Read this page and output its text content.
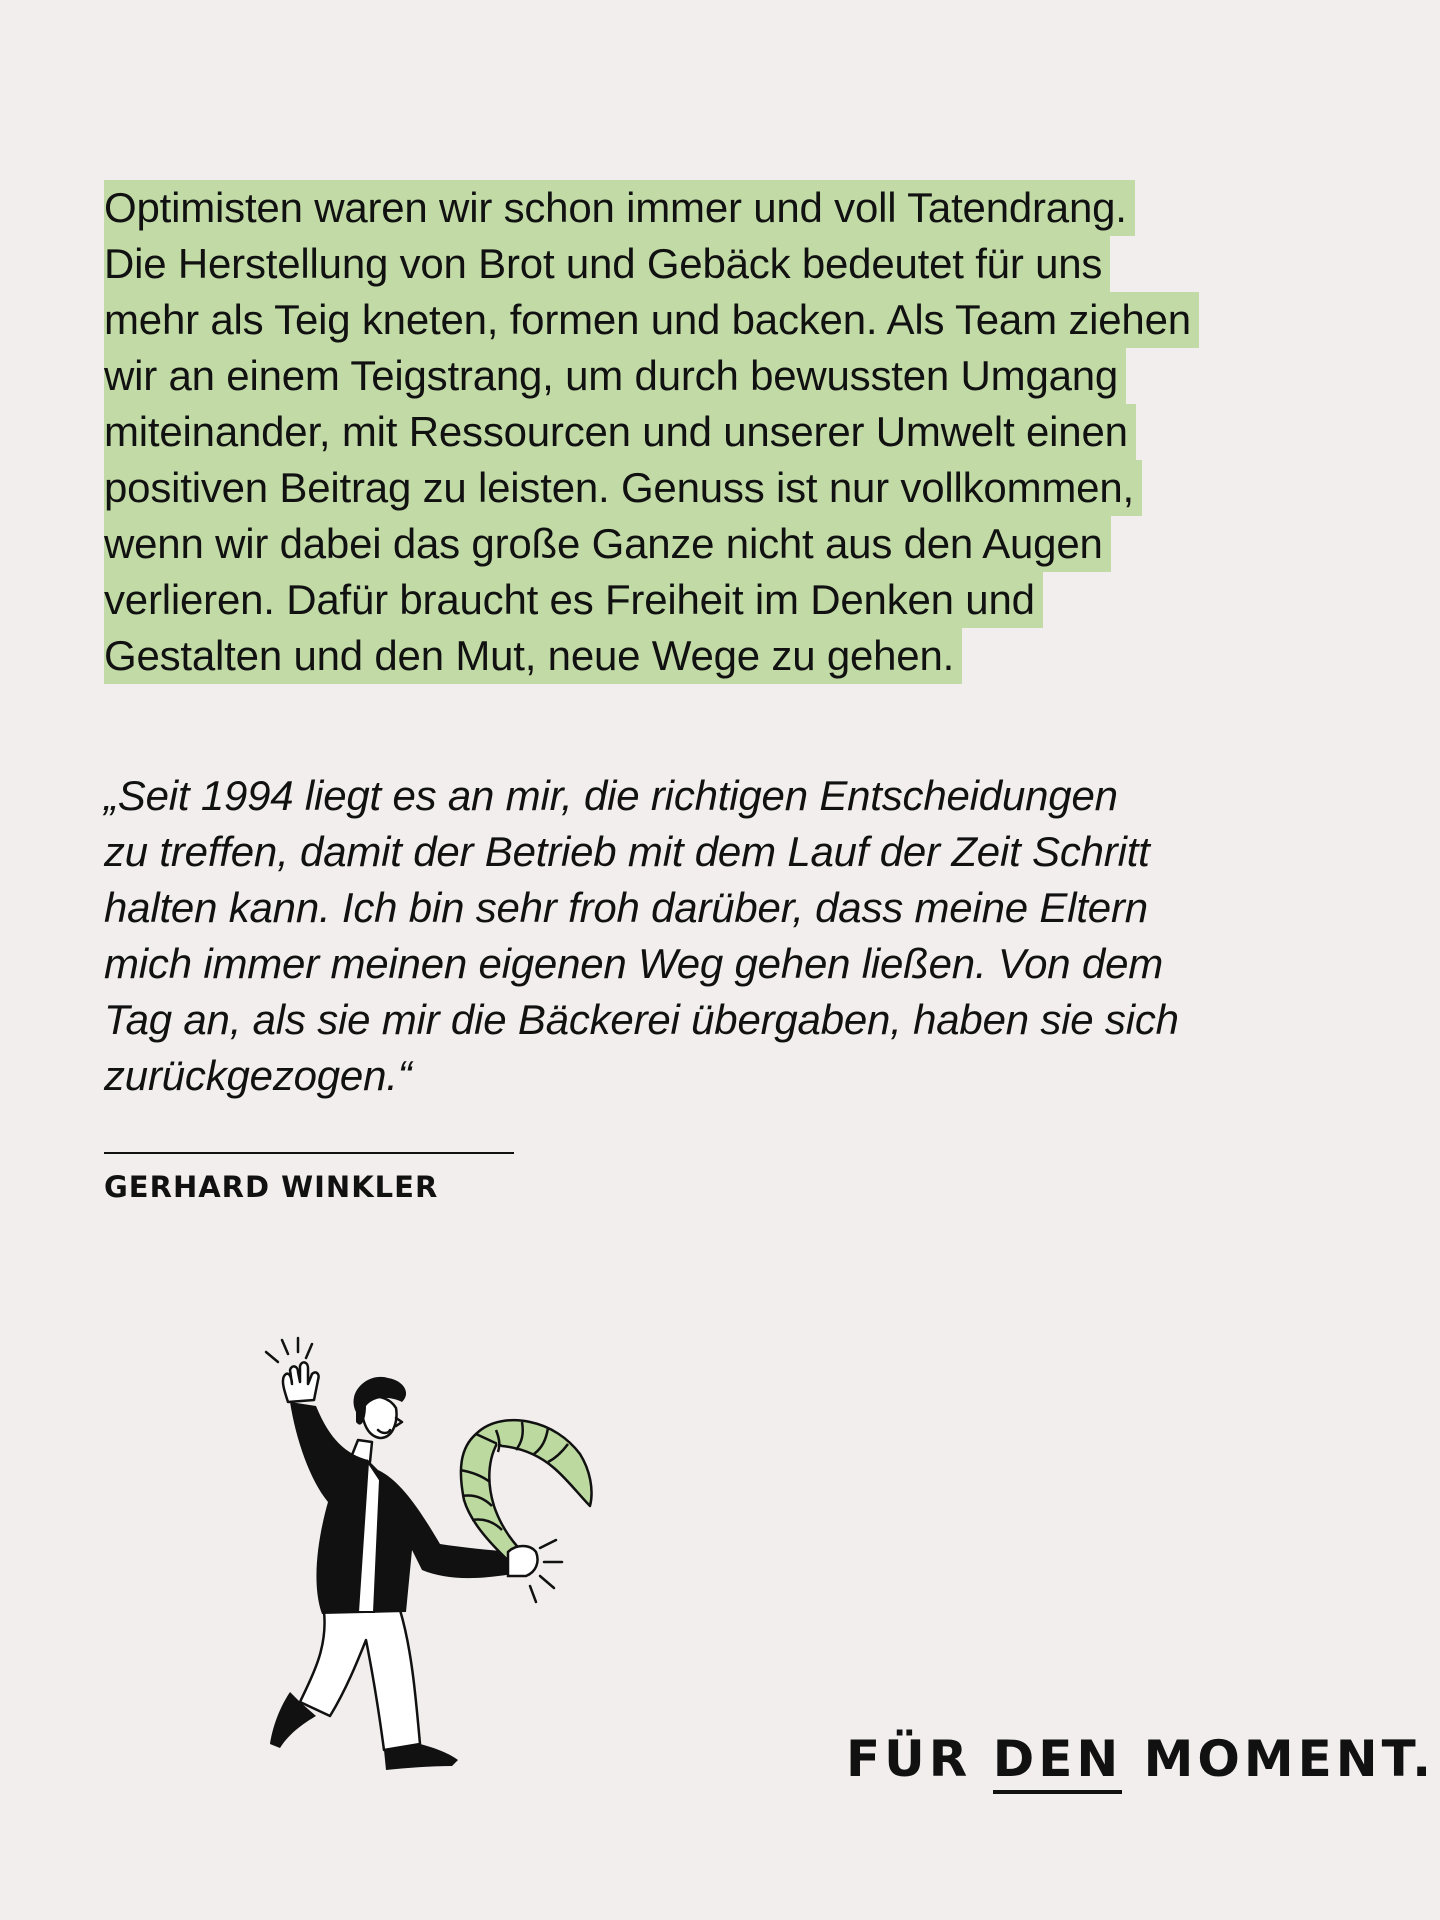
Optimisten waren wir schon immer und voll Tatendrang.
Die Herstellung von Brot und Gebäck bedeutet für uns
mehr als Teig kneten, formen und backen. Als Team ziehen
wir an einem Teigstrang, um durch bewussten Umgang
miteinander, mit Ressourcen und unserer Umwelt einen
positiven Beitrag zu leisten. Genuss ist nur vollkommen,
wenn wir dabei das große Ganze nicht aus den Augen
verlieren. Dafür braucht es Freiheit im Denken und
Gestalten und den Mut, neue Wege zu gehen.
„Seit 1994 liegt es an mir, die richtigen Entscheidungen
zu treffen, damit der Betrieb mit dem Lauf der Zeit Schritt
halten kann. Ich bin sehr froh darüber, dass meine Eltern
mich immer meinen eigenen Weg gehen ließen. Von dem
Tag an, als sie mir die Bäckerei übergaben, haben sie sich
zurückgezogen.“
GERHARD WINKLER
FÜR DEN MOMENT.
